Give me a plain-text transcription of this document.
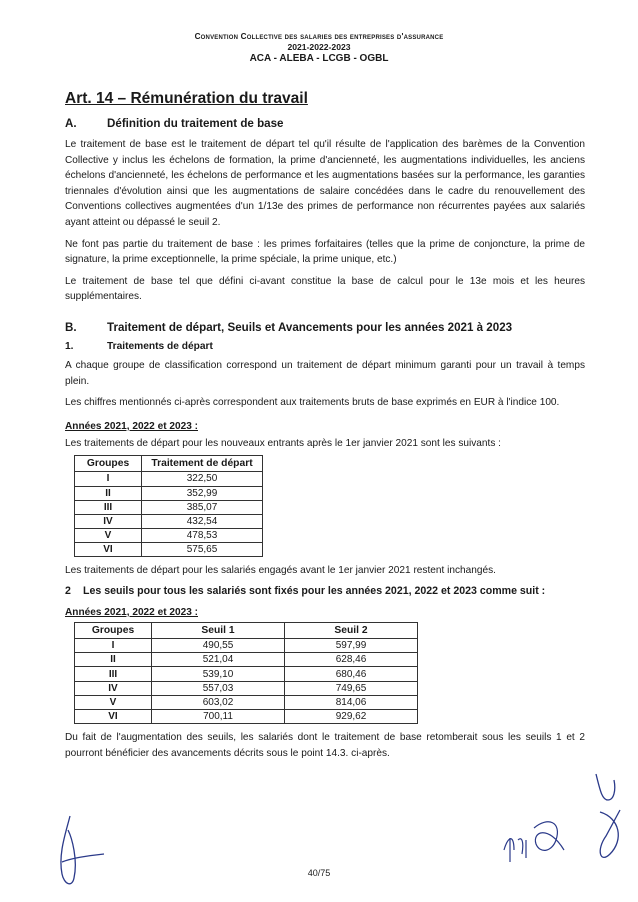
Convention Collective des salaries des entreprises d'assurance
2021-2022-2023
ACA - ALEBA - LCGB - OGBL
Art. 14 – Rémunération du travail
A.	Définition du traitement de base

Le traitement de base est le traitement de départ tel qu'il résulte de l'application des barèmes de la Convention Collective y inclus les échelons de formation, la prime d'ancienneté, les augmentations individuelles, les anciens échelons d'ancienneté, les échelons de performance et les augmentations basées sur la performance, les garanties triennales d'évolution ainsi que les augmentations de salaire concédées dans le cadre du renouvellement des Conventions collectives augmentées d'un 1/13e des primes de performance non récurrentes payées aux salariés ayant atteint ou dépassé le seuil 2.

Ne font pas partie du traitement de base : les primes forfaitaires (telles que la prime de conjoncture, la prime de signature, la prime exceptionnelle, la prime spéciale, la prime unique, etc.)

Le traitement de base tel que défini ci-avant constitue la base de calcul pour le 13e mois et les heures supplémentaires.

B.	Traitement de départ, Seuils et Avancements pour les années 2021 à 2023
1.	Traitements de départ

A chaque groupe de classification correspond un traitement de départ minimum garanti pour un travail à temps plein.

Les chiffres mentionnés ci-après correspondent aux traitements bruts de base exprimés en EUR à l'indice 100.

Années 2021, 2022 et 2023 :

Les traitements de départ pour les nouveaux entrants après le 1er janvier 2021 sont les suivants :

Groupes	Traitement de départ
I	322,50
II	352,99
III	385,07
IV	432,54
V	478,53
VI	575,65

Les traitements de départ pour les salariés engagés avant le 1er janvier 2021 restent inchangés.

2	Les seuils pour tous les salariés sont fixés pour les années 2021, 2022 et 2023 comme suit :
Années 2021, 2022 et 2023 :
Groupes	Seuil 1	Seuil 2
I	490,55	597,99
II	521,04	628,46
III	539,10	680,46
IV	557,03	749,65
V	603,02	814,06
VI	700,11	929,62

Du fait de l'augmentation des seuils, les salariés dont le traitement de base retomberait sous les seuils 1 et 2 pourront bénéficier des avancements décrits sous le point 14.3. ci-après.

40/75
